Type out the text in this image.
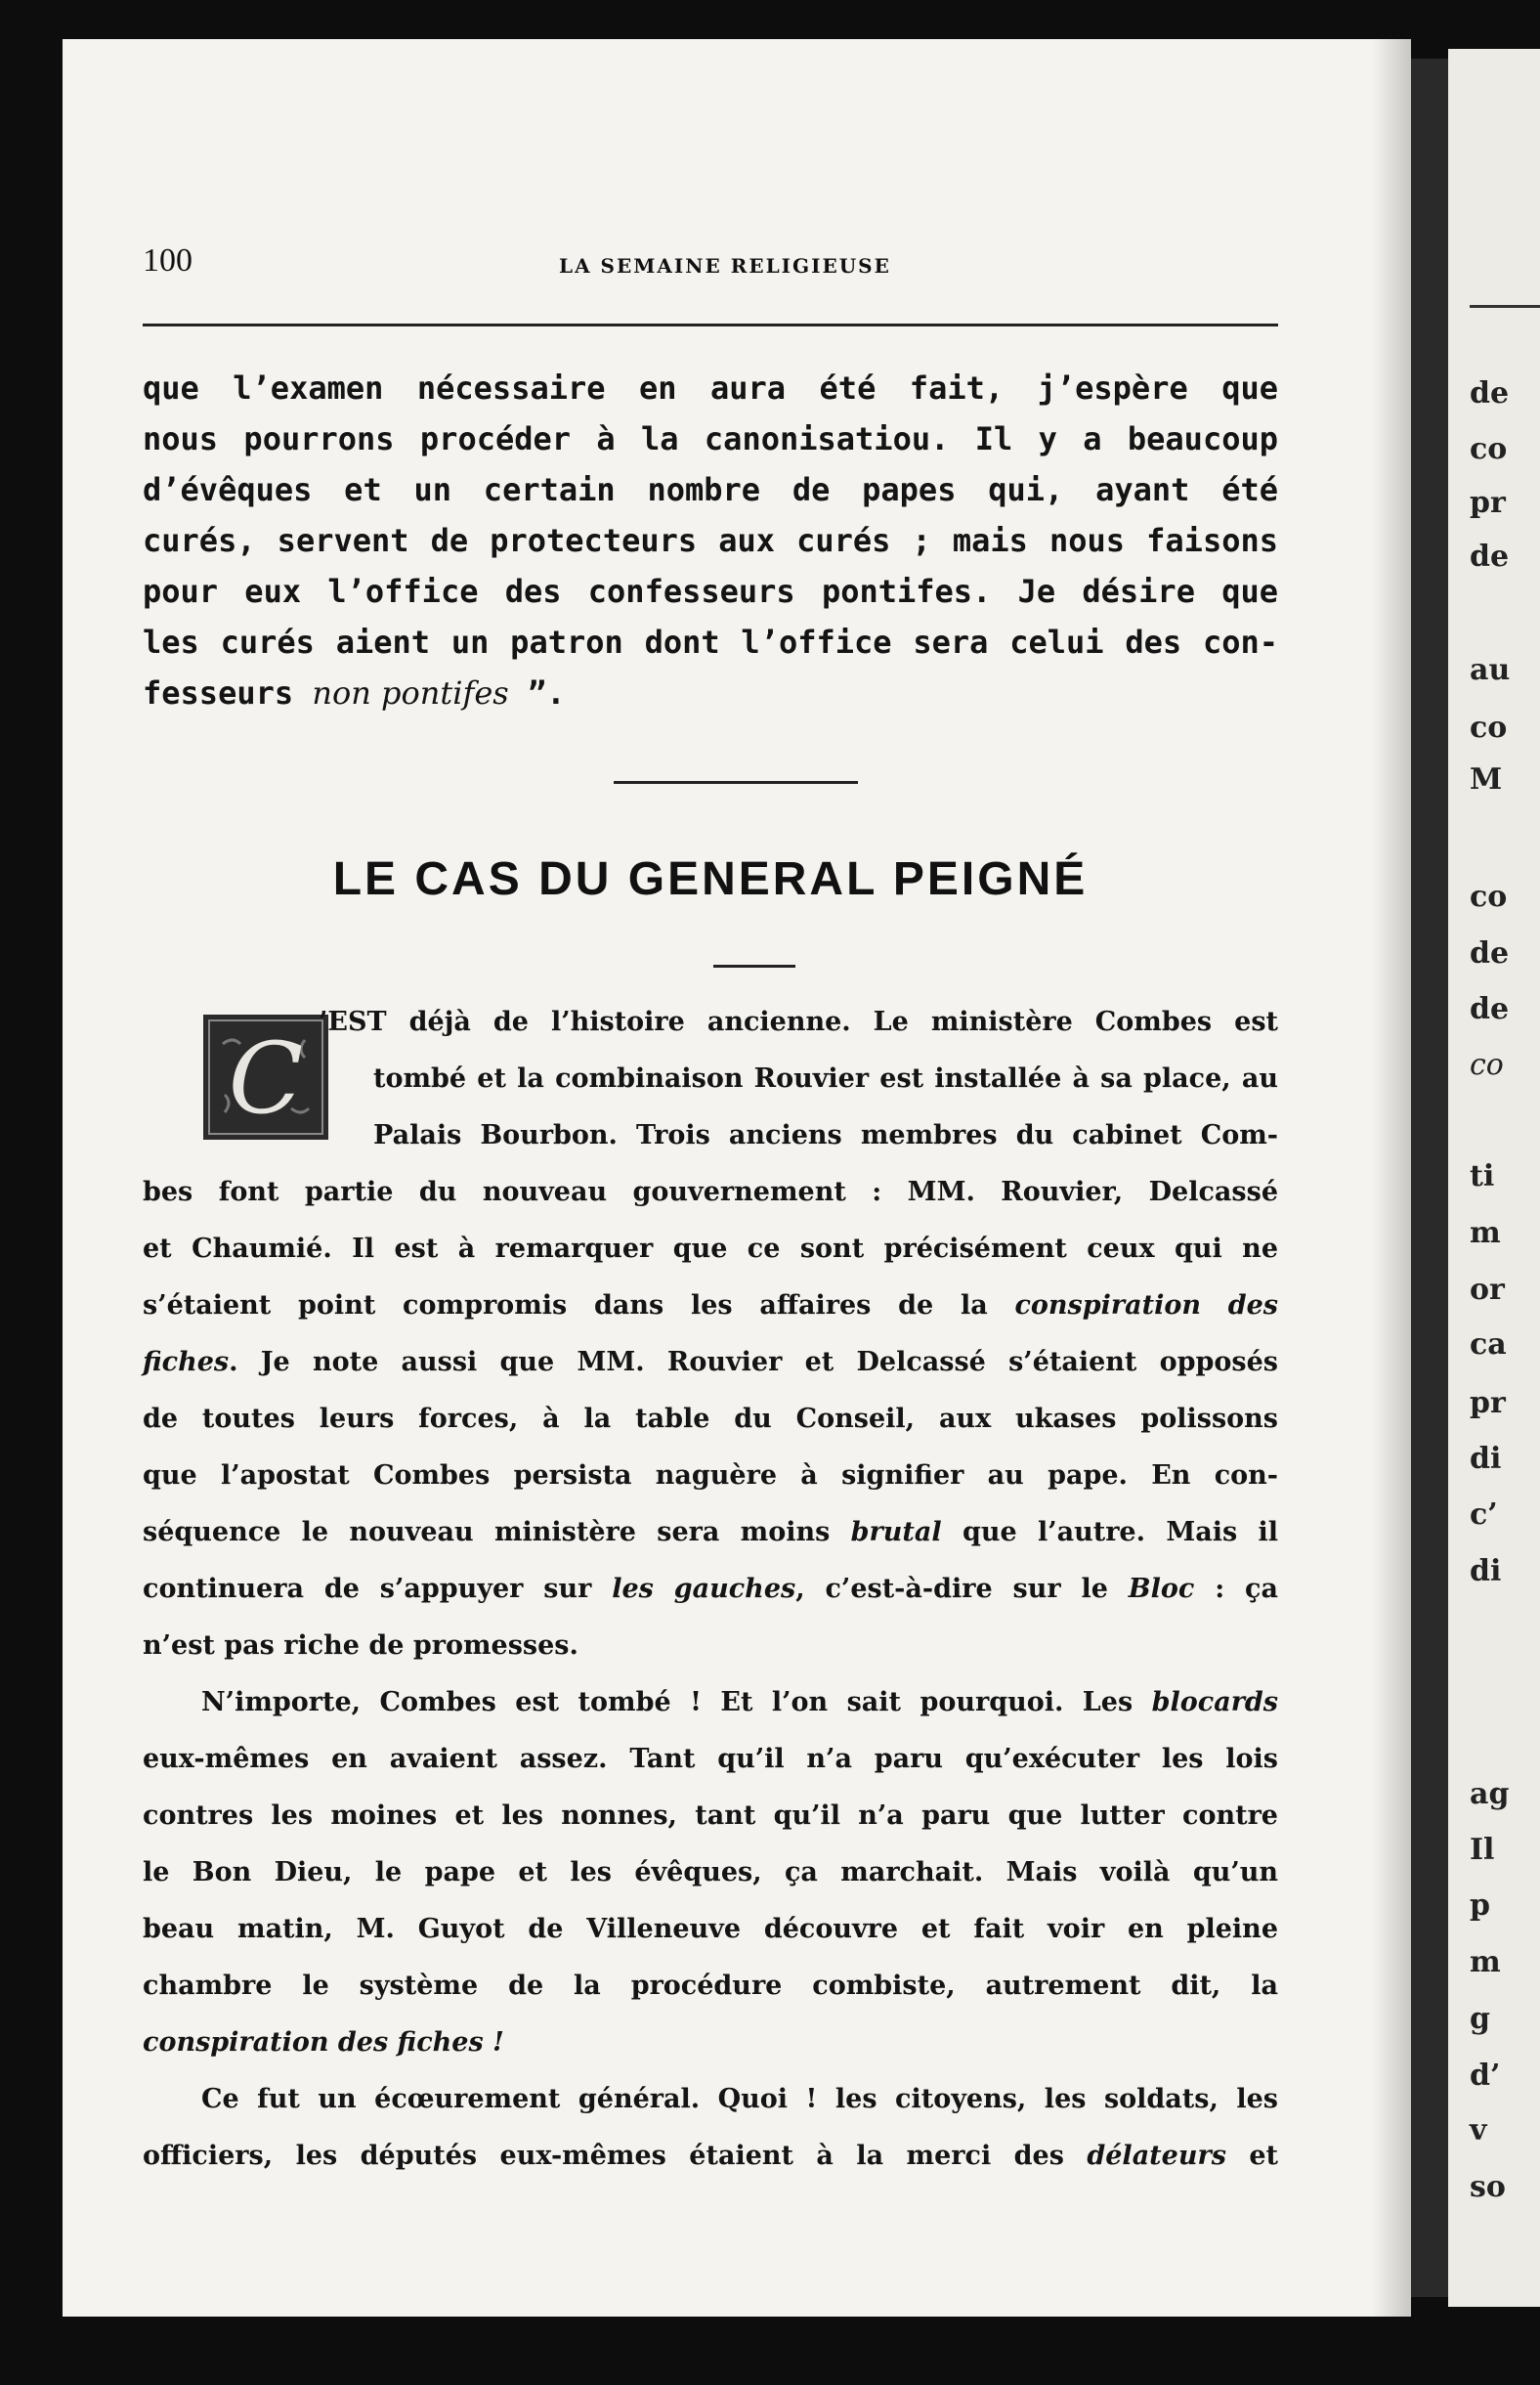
de
co
pr
de
au
co
M
co
de
de
co
ti
m
or
ca
pr
di
c’
di
ag
Il
p
m
g
d’
v
so
100	LA SEMAINE RELIGIEUSE
que l’examen nécessaire en aura été fait, j’espère que
nous pourrons procéder à la canonisatiou. Il y a beaucoup
d’évêques et un certain nombre de papes qui, ayant été
curés, servent de protecteurs aux curés ; mais nous faisons
pour eux l’office des confesseurs pontifes. Je désire que
les curés aient un patron dont l’office sera celui des con-
fesseurs non pontifes ”.
LE CAS DU GENERAL PEIGNÉ
C ’EST déjà de l’histoire ancienne. Le ministère Combes est
tombé et la combinaison Rouvier est installée à sa place, au
Palais Bourbon. Trois anciens membres du cabinet Com-
bes font partie du nouveau gouvernement : MM. Rouvier, Delcassé
et Chaumié. Il est à remarquer que ce sont précisément ceux qui ne
s’étaient point compromis dans les affaires de la conspiration des
fiches. Je note aussi que MM. Rouvier et Delcassé s’étaient opposés
de toutes leurs forces, à la table du Conseil, aux ukases polissons
que l’apostat Combes persista naguère à signifier au pape. En con-
séquence le nouveau ministère sera moins brutal que l’autre. Mais il
continuera de s’appuyer sur les gauches, c’est-à-dire sur le Bloc : ça
n’est pas riche de promesses.
N’importe, Combes est tombé ! Et l’on sait pourquoi. Les blocards
eux-mêmes en avaient assez. Tant qu’il n’a paru qu’exécuter les lois
contres les moines et les nonnes, tant qu’il n’a paru que lutter contre
le Bon Dieu, le pape et les évêques, ça marchait. Mais voilà qu’un
beau matin, M. Guyot de Villeneuve découvre et fait voir en pleine
chambre le système de la procédure combiste, autrement dit, la
conspiration des fiches !
Ce fut un écœurement général. Quoi ! les citoyens, les soldats, les
officiers, les députés eux-mêmes étaient à la merci des délateurs et
